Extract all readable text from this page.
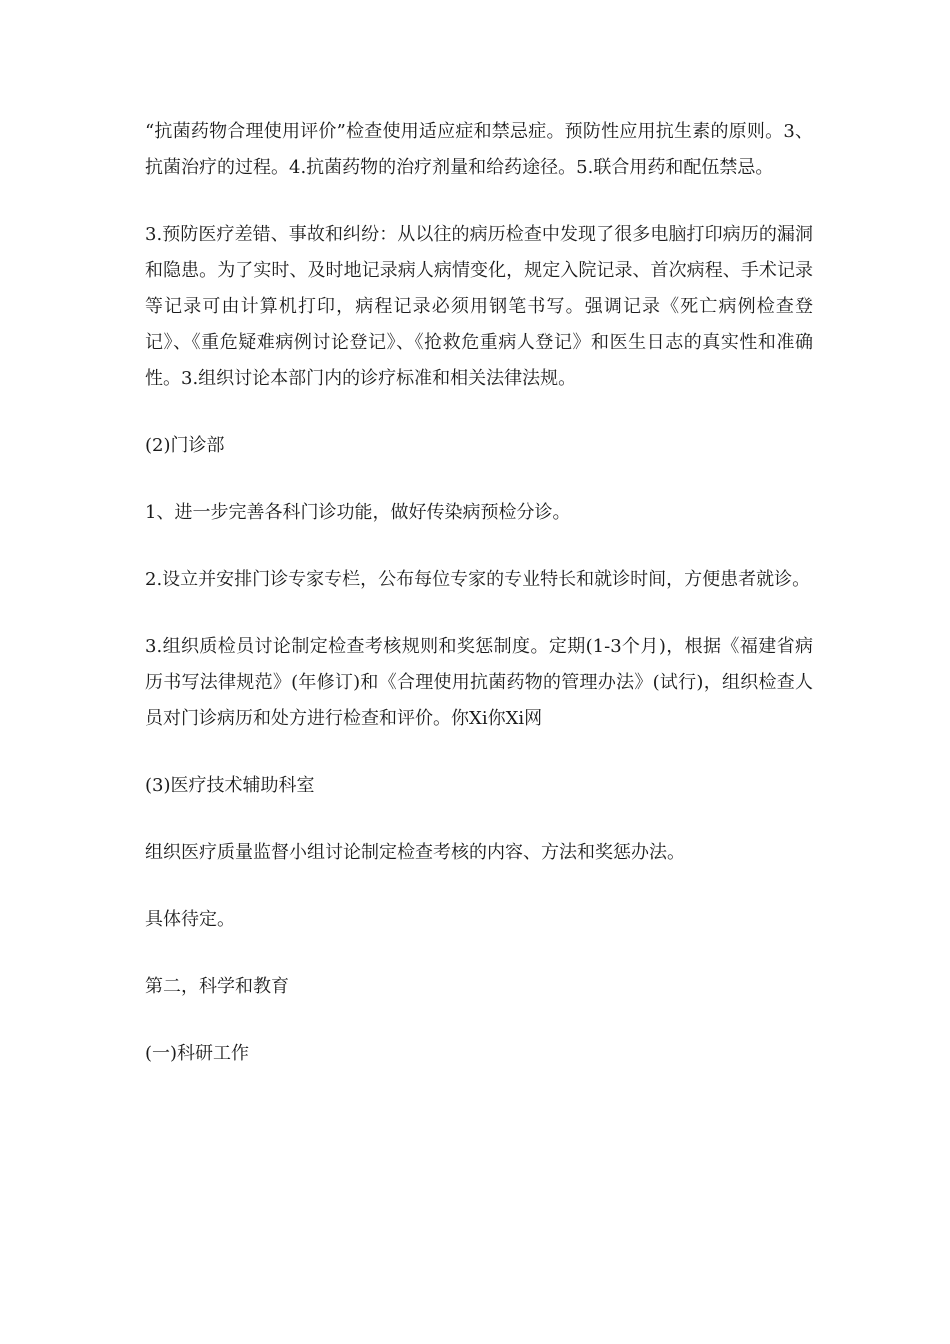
“抗菌药物合理使用评价”检查使用适应症和禁忌症。预防性应用抗生素的原则。3、抗菌治疗的过程。4.抗菌药物的治疗剂量和给药途径。5.联合用药和配伍禁忌。

3.预防医疗差错、事故和纠纷：从以往的病历检查中发现了很多电脑打印病历的漏洞和隐患。为了实时、及时地记录病人病情变化，规定入院记录、首次病程、手术记录等记录可由计算机打印，病程记录必须用钢笔书写。强调记录《死亡病例检查登记》、《重危疑难病例讨论登记》、《抢救危重病人登记》和医生日志的真实性和准确性。3.组织讨论本部门内的诊疗标准和相关法律法规。

(2)门诊部

1、进一步完善各科门诊功能，做好传染病预检分诊。

2.设立并安排门诊专家专栏，公布每位专家的专业特长和就诊时间，方便患者就诊。

3.组织质检员讨论制定检查考核规则和奖惩制度。定期(1-3个月)，根据《福建省病历书写法律规范》(年修订)和《合理使用抗菌药物的管理办法》(试行)，组织检查人员对门诊病历和处方进行检查和评价。你Xi你Xi网

(3)医疗技术辅助科室

组织医疗质量监督小组讨论制定检查考核的内容、方法和奖惩办法。

具体待定。

第二，科学和教育

(一)科研工作
